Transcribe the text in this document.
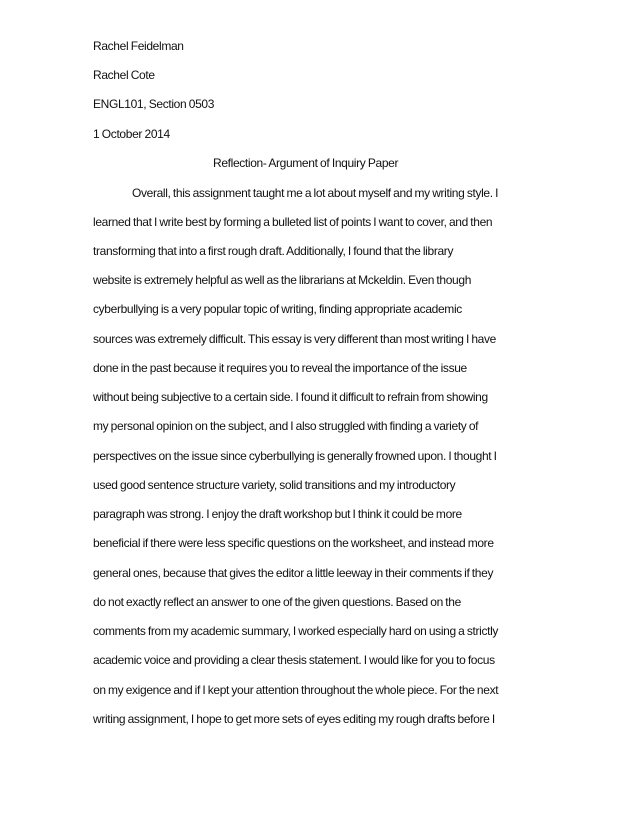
Rachel Feidelman
Rachel Cote
ENGL101, Section 0503
1 October 2014
Reflection- Argument of Inquiry Paper
Overall, this assignment taught me a lot about myself and my writing style. I
learned that I write best by forming a bulleted list of points I want to cover, and then
transforming that into a first rough draft. Additionally, I found that the library
website is extremely helpful as well as the librarians at Mckeldin. Even though
cyberbullying is a very popular topic of writing, finding appropriate academic
sources was extremely difficult. This essay is very different than most writing I have
done in the past because it requires you to reveal the importance of the issue
without being subjective to a certain side. I found it difficult to refrain from showing
my personal opinion on the subject, and I also struggled with finding a variety of
perspectives on the issue since cyberbullying is generally frowned upon. I thought I
used good sentence structure variety, solid transitions and my introductory
paragraph was strong. I enjoy the draft workshop but I think it could be more
beneficial if there were less specific questions on the worksheet, and instead more
general ones, because that gives the editor a little leeway in their comments if they
do not exactly reflect an answer to one of the given questions. Based on the
comments from my academic summary, I worked especially hard on using a strictly
academic voice and providing a clear thesis statement. I would like for you to focus
on my exigence and if I kept your attention throughout the whole piece. For the next
writing assignment, I hope to get more sets of eyes editing my rough drafts before I
